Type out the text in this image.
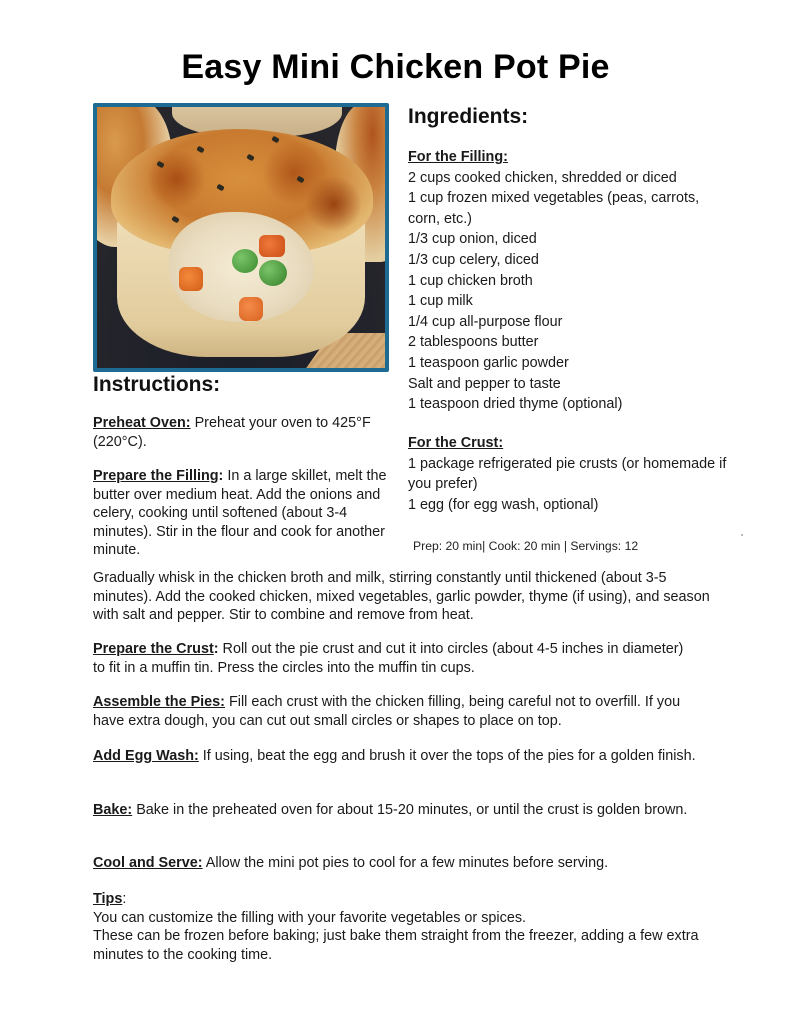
Easy Mini Chicken Pot Pie
Ingredients:
For the Filling:
2 cups cooked chicken, shredded or diced
1 cup frozen mixed vegetables (peas, carrots,
corn, etc.)
1/3 cup onion, diced
1/3 cup celery, diced
1 cup chicken broth
1 cup milk
1/4 cup all-purpose flour
2 tablespoons butter
1 teaspoon garlic powder
Salt and pepper to taste
1 teaspoon dried thyme (optional)
For the Crust:
1 package refrigerated pie crusts (or homemade if you prefer)
1 egg (for egg wash, optional)
Prep: 20 min| Cook: 20 min | Servings: 12
Instructions:
Preheat Oven: Preheat your oven to 425°F (220°C).
Prepare the Filling: In a large skillet, melt the butter over medium heat. Add the onions and celery, cooking until softened (about 3-4 minutes). Stir in the flour and cook for another minute.
Gradually whisk in the chicken broth and milk, stirring constantly until thickened (about 3-5 minutes). Add the cooked chicken, mixed vegetables, garlic powder, thyme (if using), and season with salt and pepper. Stir to combine and remove from heat.
Prepare the Crust: Roll out the pie crust and cut it into circles (about 4-5 inches in diameter) to fit in a muffin tin. Press the circles into the muffin tin cups.
Assemble the Pies: Fill each crust with the chicken filling, being careful not to overfill. If you have extra dough, you can cut out small circles or shapes to place on top.
Add Egg Wash: If using, beat the egg and brush it over the tops of the pies for a golden finish.
Bake: Bake in the preheated oven for about 15-20 minutes, or until the crust is golden brown.
Cool and Serve: Allow the mini pot pies to cool for a few minutes before serving.
Tips:
You can customize the filling with your favorite vegetables or spices.
These can be frozen before baking; just bake them straight from the freezer, adding a few extra minutes to the cooking time.
